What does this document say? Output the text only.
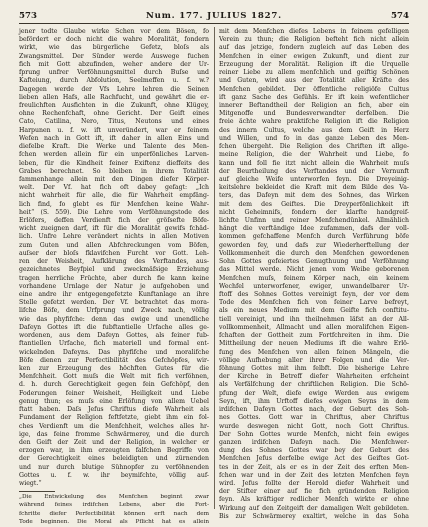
573	Num. 177. JULIUS 1827.	574
jener todte Glaube wirke Schen vor dem Bösen, fo
befördert er doch nicht die wahre Moralität, fondern
wirkt, wie das bürgerliche Gefetz, bloſs als
Zwangsmittel. Der Sünder werde Auswege fuchen
fich mit Gott abzufinden, weher andere der Ur-
fprung unfrer Verföhnungsmittel durch Buſse und
Kafteiung, durch Abfolution, Seelmeffen u. f. w.?
Dagegen werde der Vfs Lehre lehren die Seinen
lieben allen Hafs, alle Rachfucht, und gewährt die er-
freulichften Ausfichten in die Zukunft, ohne Klügey,
ohne Rechenfchaft, ohne Gericht. Der Geift eines
Cato, Catilina, Nero, Titus, Neutons und eines
Harpunen u. f. w. ift unveründert, war er feinem
Wefen nach in Gott ift, ift daher in allen Eins und
diefelbe Kraft. Die Werke und Talente des Men-
fchen werden allein für ein unperfönliches Larven-
leben, für die Kindheit feiner Exiftenz dieffeits des
Grabes berechnet. So bleiben in ihrem Totalität
fammenhange allein mit den Dingen diefer Körper-
welt. Der Vf. hat fich oft dabey gefagt: „Ich
nicht wahrheit für alle, die für Wahrheit empfäng-
lich find, fo glebt es für Menfchen keine Wahr-
heit“ (S. 559). Die Lehre vom Verföhnungstode des
Erlöfers, deffen Verdienft fich der gröſsefte Böfe-
wicht zueignen darf, ift für die Moralität gewifs fchäd-
lich. Unfre Lehre verändert nichts in allen Motiven
zum Guten und allen Abfchreckungen vom Böfen,
auſser der bloſs fklavifchen Furcht vor Gott. Leh-
ren der Weisheit, Aufklärung des Verftandes, aus-
gezeichnetes Beyfpiel und zweckmäfsige Erziehung
tragen herrliche Früchte, aber durch fie kann keine
vorhandene Urnlage der Natur je aufgehoben und
eine andre ihr entgegengefetzte Kunftanlage an ihre
Stelle gefetzt werden. Der Vf. betrachtet das mora-
lifche Böfe, dem Urfprung und Zweck nach, völlig
wie das phyfifche: denn das ewige und unendliche
Dafeyn Gottes ift die fubftantielle Urfache alles ge-
wordenen, aus dem Dafeyn Gottes, als feiner fub-
ftantiellen Urfache, fich materiell und formal ent-
wickelnden Dafeyns. Das phyfifche und moralifche
Böfe dienen zur Perfectibilität des Gefchöpfes, wir-
ken zur Erzeugung des höchften Gutes für die
Menfchheit. Gott muſs die Welt mit fich verföhnen,
d. h. durch Gerechtigkeit gegen fein Gefchöpf, den
Foderungen feiner Weisheit, Heiligkeit und Liebe
genug thun; es muſs eine Erlöfung von allem Uebel
ftatt haben. Daſs Jefus Chriftus diefe Wahrheit als
Fundament der Religion feftfetzte, giebt ihm ein fol-
ches Verdienft um die Menfchheit, welches alles hr-
ige, das feine fromme Schwärmerey, und die durch
den Geift der Zeit und der Religion, in welcher er
erzogen war, in ihm erzeugten falfchen Begriffe von
der Gerechtigkeit eines beleidigten und zürnenden
und nur durch blutige Sühnopfer zu verföhnenden
Gottes u. f. w. ihr beymifchte, völlig auf-
wiegt.“
„Die Entwickelung des Menfchen beginnt zwar
während feines irdifchen Lebens, aber die Fort-
fchritte diefer Perfectibilität können erft nach dem
Tode beginnen. Die Moral als Pflicht hat es allein
mit dem Menfchen diefes Lebens in feinem gefelligen
Verein zu thun; die Religion befteht fich nicht allein
auf das jetzige, fondern zugleich auf das Leben des
Menfchen in einer ewigen Zukunft, und dient zur
Erzeugung der Moralität. Religion ift die Urquelle
reiner Liebe zu allem menfchlich und geiftig Schönen
und Guten, wird aus der Totalität aller Kräfte des
Menfchen gebildet. Der öffentliche religiöfe Cultus
ift ganz Sache des Gefühls. Er ift kein wefentlicher
innerer Beftandtheil der Religion an fich, aber ein
Mitgenoffe und Bundesverwandter derfelben. Die
freie ächte wahre praktifche Religion ift die Religion
des innern Cultus, welche aus dem Geift in Herz
und Willen, und fo in das ganze Leben des Men-
fchen übergeht. Die Religion des Chriften ift allge-
meine Religion, die der Wahrheit und Liebe, fo
kann und foll fie itzt nicht allein die Wahrheit muſs
der Beurtheilung des Verftandes und der Vernunft
auf gleiche Weife unterworfen feyn. Die Dreyeinig-
keitslehre bekleidet die Kraft mit dem Bilde des Va-
ters, das Dafeyn mit dem des Sohnes, das Wirken
mit dem des Geiftes. Die Dreyperfönlichkeit ift
nicht Geheimnifs, fondern der klarfte handgreif-
lichfte Unfinn und reiner Menfchendünkel. Allmählich
hängt die verftändige Idee zufammen, dafs der voll-
kommen gefchaffene Menfch durch Verführung böfe
geworden fey, und dafs zur Wiederherftellung der
Vollkommenheit die durch den Menfchen gewordenen
Sohn Gottes gefeiertes Genugthuung und Verföhnung
das Mittel werde. Nicht jenen vom Weibe geborenen
Menfchen muſs, feinem Körper nach, ein keinem
Wechfel unterworfener, ewiger, unwandelbarer Ur-
ftoff des Sohnes Gottes vereinigt feyn, der vor dem
Tode des Menfchen fich von feiner Larve befreyt,
als ein neues Medium mit dem Geifte fich conftitu-
tiell vereinigt, und ihn theilnehmen läfst an der All-
vollkommenheit, Allmacht und allen moralifchen Eigen-
fchaften der Gottheit zum Fortfchreiten in ihm. Die
Mittheilung der neuen Mediums ift die wahre Erlö-
fung des Menfchen von allen feinen Mängeln, die
völlige Aufhebung aller ihrer Folgen und die Ver-
föhnung Gottes mit ihm felbft. Die bisherige Lehre
der Kirche in Betreff diefer Wahrheiten erfcheint
als Verfälfchung der chriftlichen Religion. Die Schö-
pfung der Welt, diefe ewige Werden aus ewigem
Seyn, ift, ihm Urftoff diefes ewigen Seyns in dem
irdifchen Dafeyn Gottes nach, der Geburt des Soh-
nes Gottes. Gott war in Chriftus, aber Chriftus
wurde deswegen nicht Gott, noch Gott Chriftus.
Der Sohn Gottes wurde Menfch, nicht fein ewiges
ganzen irdifchen Dafeyn nach. Die Menfchwer-
dung des Sohnes Gottes war bey der Geburt des
Menfchen Jefus derfelbe ewige Act des Geiftes Got-
tes in der Zeit, als er es in der Zeit des erften Men-
fchen war und in der Zeit des letzten Menfchen feyn
wird. Jefus follte der Herold diefer Wahrheit und
der Stifter einer auf fie fich gründenden Religion
feyn. Als kräftiger redlicher Menfch wirkte er ohne
Wirkung auf den Zeitgeift der damaligen Welt gebildeten.
Bis zur Schwärmerey exaltirt, welche in das Soha
